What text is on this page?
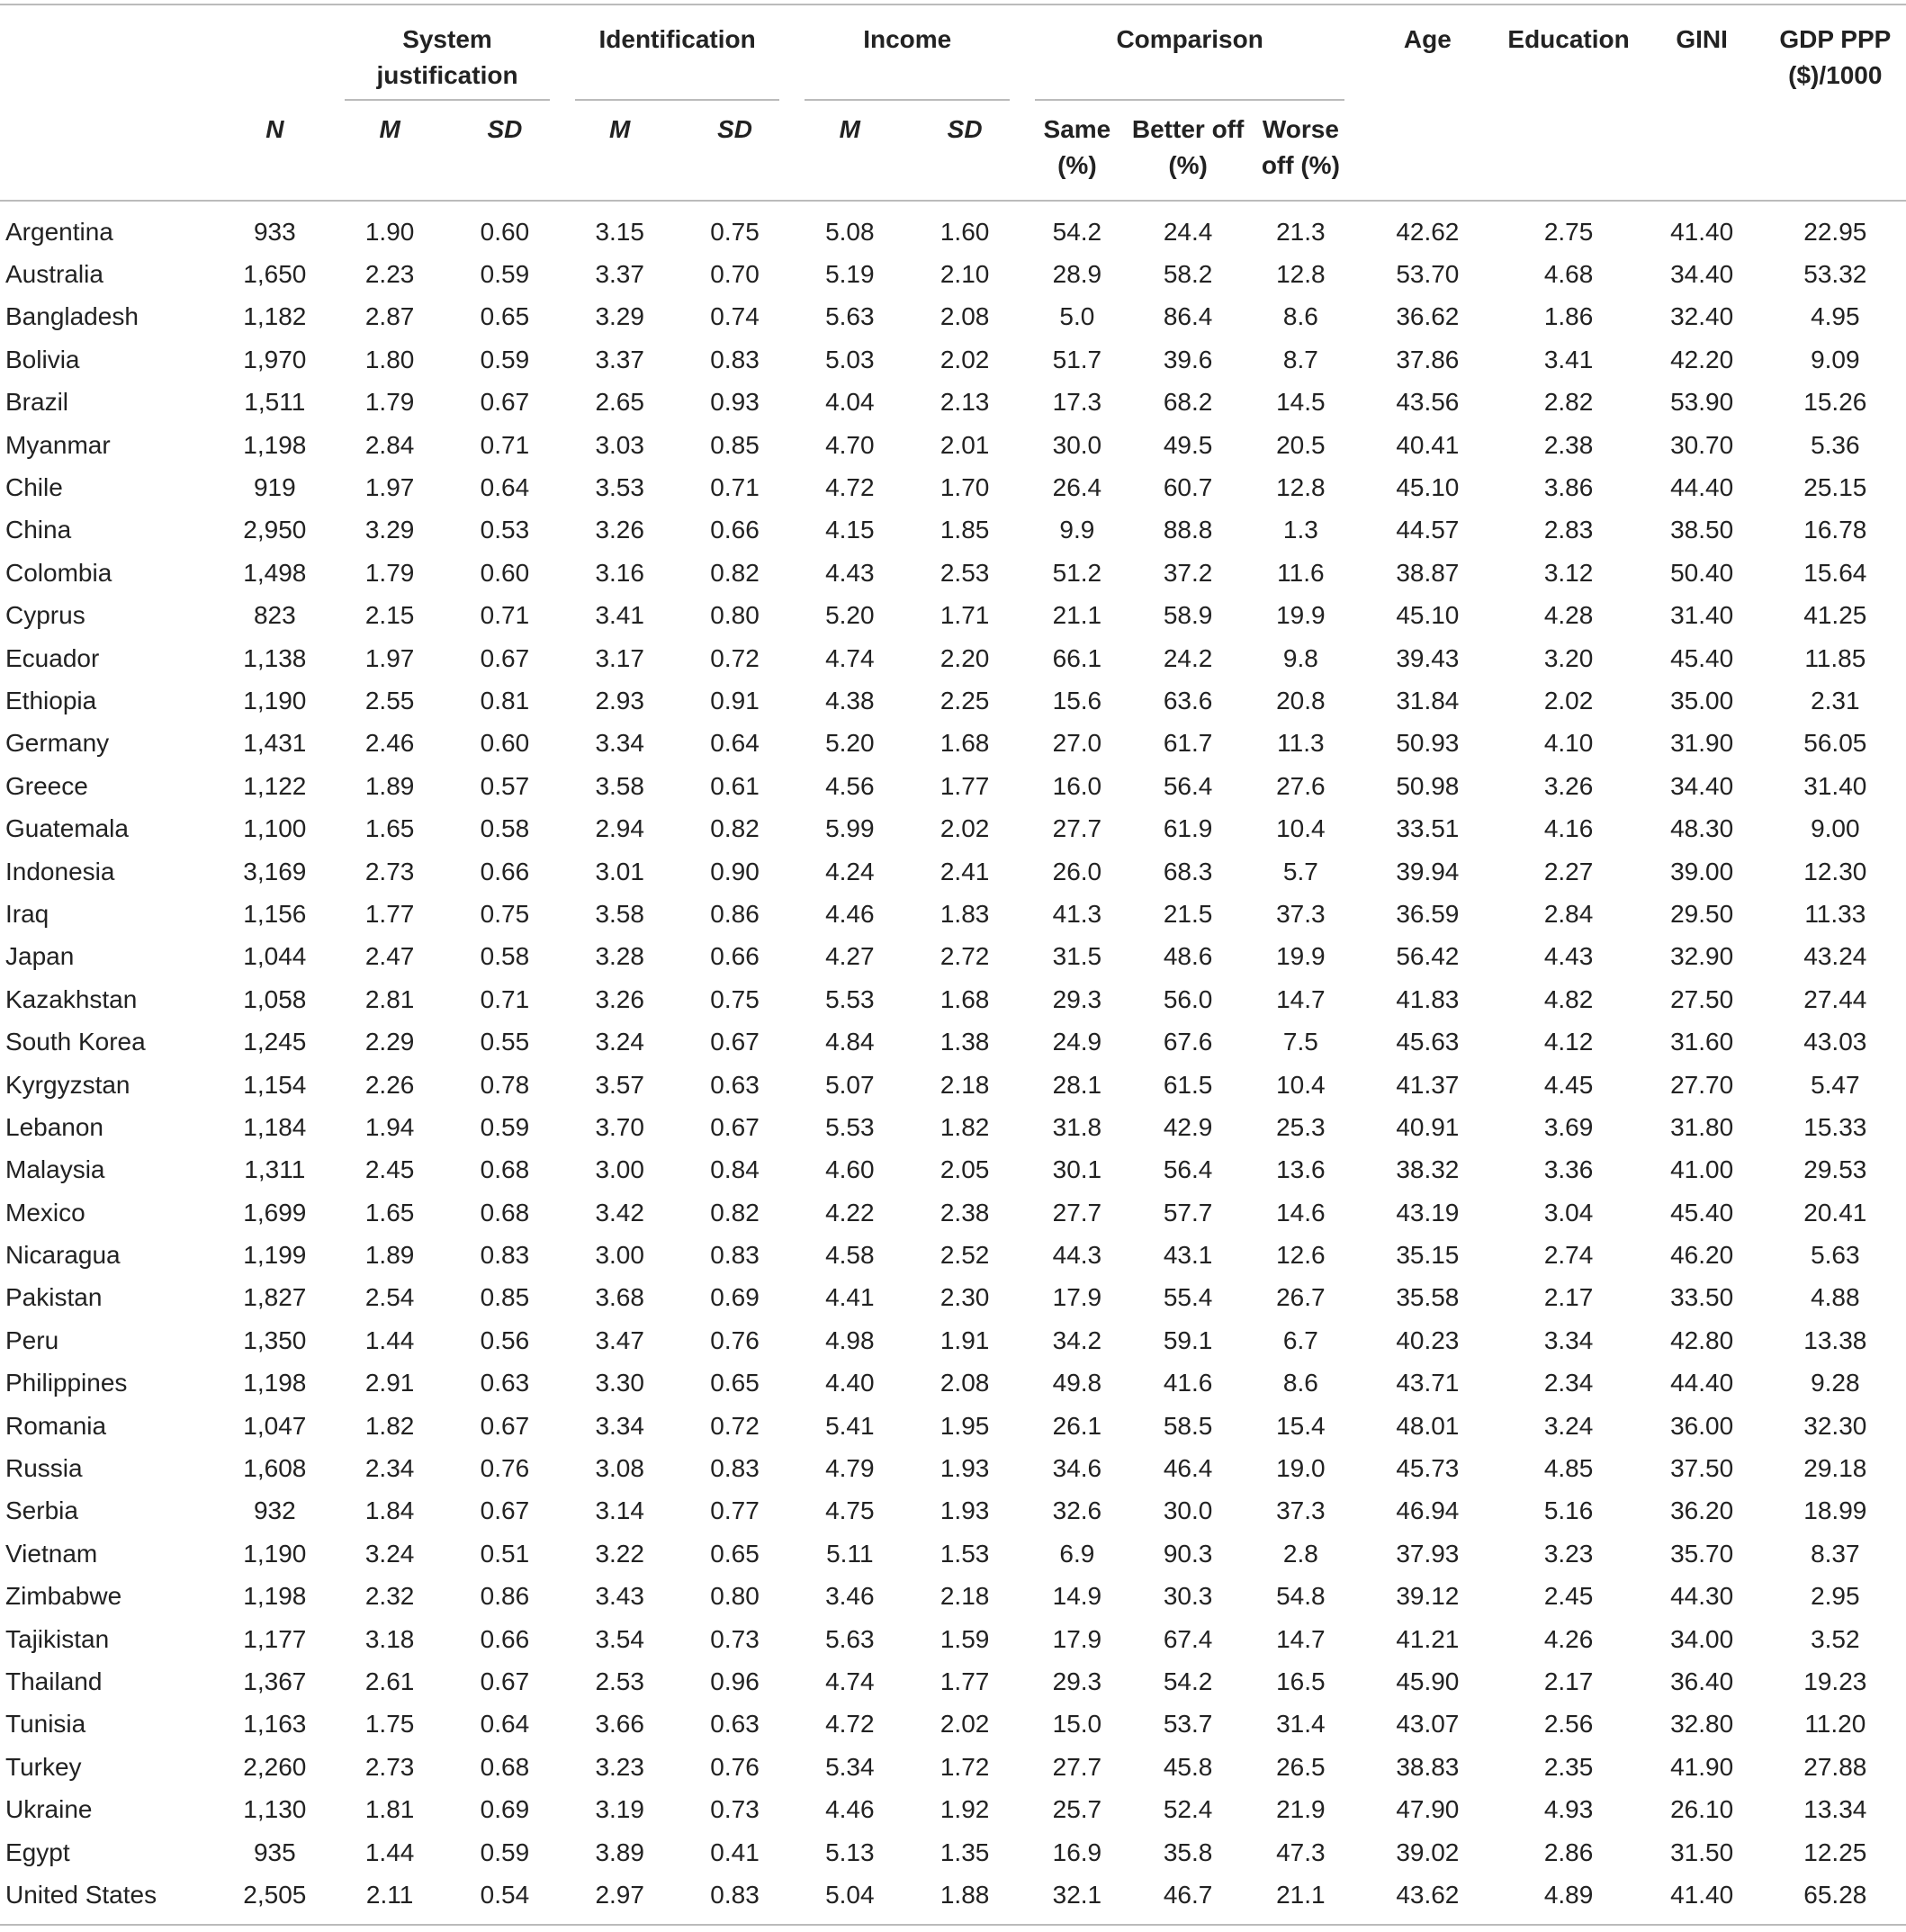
		System justification		Identification		Income		Comparison			Age	Education	GINI	GDP PPP ($)/1000
	N	M	SD	M	SD	M	SD	Same (%)	Better off (%)	Worse off (%)				
Argentina	933	1.90	0.60	3.15	0.75	5.08	1.60	54.2	24.4	21.3	42.62	2.75	41.40	22.95
Australia	1,650	2.23	0.59	3.37	0.70	5.19	2.10	28.9	58.2	12.8	53.70	4.68	34.40	53.32
Bangladesh	1,182	2.87	0.65	3.29	0.74	5.63	2.08	5.0	86.4	8.6	36.62	1.86	32.40	4.95
Bolivia	1,970	1.80	0.59	3.37	0.83	5.03	2.02	51.7	39.6	8.7	37.86	3.41	42.20	9.09
Brazil	1,511	1.79	0.67	2.65	0.93	4.04	2.13	17.3	68.2	14.5	43.56	2.82	53.90	15.26
Myanmar	1,198	2.84	0.71	3.03	0.85	4.70	2.01	30.0	49.5	20.5	40.41	2.38	30.70	5.36
Chile	919	1.97	0.64	3.53	0.71	4.72	1.70	26.4	60.7	12.8	45.10	3.86	44.40	25.15
China	2,950	3.29	0.53	3.26	0.66	4.15	1.85	9.9	88.8	1.3	44.57	2.83	38.50	16.78
Colombia	1,498	1.79	0.60	3.16	0.82	4.43	2.53	51.2	37.2	11.6	38.87	3.12	50.40	15.64
Cyprus	823	2.15	0.71	3.41	0.80	5.20	1.71	21.1	58.9	19.9	45.10	4.28	31.40	41.25
Ecuador	1,138	1.97	0.67	3.17	0.72	4.74	2.20	66.1	24.2	9.8	39.43	3.20	45.40	11.85
Ethiopia	1,190	2.55	0.81	2.93	0.91	4.38	2.25	15.6	63.6	20.8	31.84	2.02	35.00	2.31
Germany	1,431	2.46	0.60	3.34	0.64	5.20	1.68	27.0	61.7	11.3	50.93	4.10	31.90	56.05
Greece	1,122	1.89	0.57	3.58	0.61	4.56	1.77	16.0	56.4	27.6	50.98	3.26	34.40	31.40
Guatemala	1,100	1.65	0.58	2.94	0.82	5.99	2.02	27.7	61.9	10.4	33.51	4.16	48.30	9.00
Indonesia	3,169	2.73	0.66	3.01	0.90	4.24	2.41	26.0	68.3	5.7	39.94	2.27	39.00	12.30
Iraq	1,156	1.77	0.75	3.58	0.86	4.46	1.83	41.3	21.5	37.3	36.59	2.84	29.50	11.33
Japan	1,044	2.47	0.58	3.28	0.66	4.27	2.72	31.5	48.6	19.9	56.42	4.43	32.90	43.24
Kazakhstan	1,058	2.81	0.71	3.26	0.75	5.53	1.68	29.3	56.0	14.7	41.83	4.82	27.50	27.44
South Korea	1,245	2.29	0.55	3.24	0.67	4.84	1.38	24.9	67.6	7.5	45.63	4.12	31.60	43.03
Kyrgyzstan	1,154	2.26	0.78	3.57	0.63	5.07	2.18	28.1	61.5	10.4	41.37	4.45	27.70	5.47
Lebanon	1,184	1.94	0.59	3.70	0.67	5.53	1.82	31.8	42.9	25.3	40.91	3.69	31.80	15.33
Malaysia	1,311	2.45	0.68	3.00	0.84	4.60	2.05	30.1	56.4	13.6	38.32	3.36	41.00	29.53
Mexico	1,699	1.65	0.68	3.42	0.82	4.22	2.38	27.7	57.7	14.6	43.19	3.04	45.40	20.41
Nicaragua	1,199	1.89	0.83	3.00	0.83	4.58	2.52	44.3	43.1	12.6	35.15	2.74	46.20	5.63
Pakistan	1,827	2.54	0.85	3.68	0.69	4.41	2.30	17.9	55.4	26.7	35.58	2.17	33.50	4.88
Peru	1,350	1.44	0.56	3.47	0.76	4.98	1.91	34.2	59.1	6.7	40.23	3.34	42.80	13.38
Philippines	1,198	2.91	0.63	3.30	0.65	4.40	2.08	49.8	41.6	8.6	43.71	2.34	44.40	9.28
Romania	1,047	1.82	0.67	3.34	0.72	5.41	1.95	26.1	58.5	15.4	48.01	3.24	36.00	32.30
Russia	1,608	2.34	0.76	3.08	0.83	4.79	1.93	34.6	46.4	19.0	45.73	4.85	37.50	29.18
Serbia	932	1.84	0.67	3.14	0.77	4.75	1.93	32.6	30.0	37.3	46.94	5.16	36.20	18.99
Vietnam	1,190	3.24	0.51	3.22	0.65	5.11	1.53	6.9	90.3	2.8	37.93	3.23	35.70	8.37
Zimbabwe	1,198	2.32	0.86	3.43	0.80	3.46	2.18	14.9	30.3	54.8	39.12	2.45	44.30	2.95
Tajikistan	1,177	3.18	0.66	3.54	0.73	5.63	1.59	17.9	67.4	14.7	41.21	4.26	34.00	3.52
Thailand	1,367	2.61	0.67	2.53	0.96	4.74	1.77	29.3	54.2	16.5	45.90	2.17	36.40	19.23
Tunisia	1,163	1.75	0.64	3.66	0.63	4.72	2.02	15.0	53.7	31.4	43.07	2.56	32.80	11.20
Turkey	2,260	2.73	0.68	3.23	0.76	5.34	1.72	27.7	45.8	26.5	38.83	2.35	41.90	27.88
Ukraine	1,130	1.81	0.69	3.19	0.73	4.46	1.92	25.7	52.4	21.9	47.90	4.93	26.10	13.34
Egypt	935	1.44	0.59	3.89	0.41	5.13	1.35	16.9	35.8	47.3	39.02	2.86	31.50	12.25
United States	2,505	2.11	0.54	2.97	0.83	5.04	1.88	32.1	46.7	21.1	43.62	4.89	41.40	65.28
